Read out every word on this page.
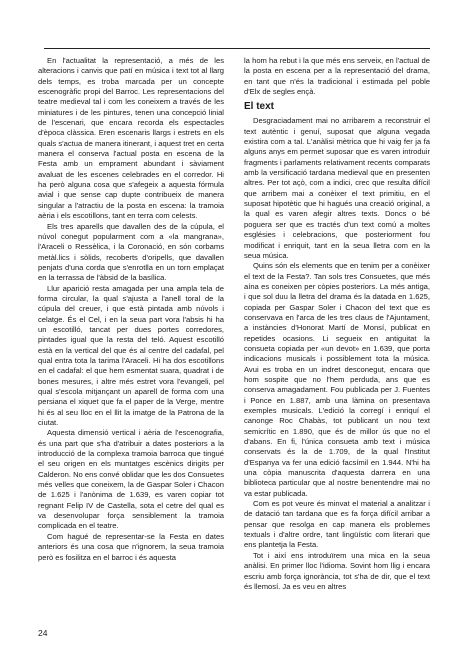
En l'actualitat la representació, a més de les alteracions i canvis que patí en música i text tot al llarg dels temps, es troba marcada per un concepte escenogràfic propi del Barroc. Les representacions del teatre medieval tal i com les coneixem a través de les miniatures i de les pintures, tenen una concepció linial de l'escenari, que encara recorda els espectacles d'època clàssica. Eren escenaris llargs i estrets en els quals s'actua de manera itinerant, i aquest tret en certa manera el conserva l'actual posta en escena de la Festa amb un emprament abundant i sàviament avaluat de les escenes celebrades en el corredor. Hi ha però alguna cosa que s'afegeix a aquesta fórmula avial i que sense cap dupte contribueix de manera singular a l'atractiu de la posta en escena: la tramoia aèria i els escotillons, tant en terra com celests.

Els tres aparells que davallen des de la cúpula, el núvol conegut popularment com a «la mangrana», l'Araceli o Ressèlica, i la Coronació, en són corbams metàl.lics i sòlids, recoberts d'oripells, que davallen penjats d'una corda que s'enrotlla en un torn emplaçat en la terrassa de l'àbsid de la basílica.

Llur aparició resta amagada per una ampla tela de forma circular, la qual s'ajusta a l'anell toral de la cúpula del creuer, i que està pintada amb núvols i celatge. És el Cel, i en la seua part vora l'absis hi ha un escotilló, tancat per dues portes corredores, pintades igual que la resta del teló. Aquest escotilló està en la vertical del que és al centre del cadafal, pel qual entra tota la tarima l'Araceli. Hi ha dos escotillons en el cadafal: el que hem esmentat suara, quadrat i de bones mesures, i altre més estret vora l'evangeli, pel qual s'escola mitjançant un aparell de forma com una persiana el xiquet que fa el paper de la Verge, mentre hi és al seu lloc en el llit la imatge de la Patrona de la ciutat.

Aquesta dimensió vertical i aèria de l'escenografia, és una part que s'ha d'atribuir a dates posteriors a la introducció de la complexa tramoia barroca que tingué el seu origen en els muntatges escènics dirigits per Calderon. No ens convé oblidar que les dos Consuetes més velles que coneixem, la de Gaspar Soler i Chacon de 1.625 i l'anònima de 1.639, es varen copiar tot regnant Felip IV de Castella, sota el cetre del qual es va desenvolupar força sensiblement la tramoia complicada en el teatre.

Com hagué de representar-se la Festa en dates anteriors és una cosa que n'ignorem, la seua tramoia però es fosilitza en el barroc i és aquesta

la hom ha rebut i la que més ens serveix, en l'actual de la posta en escena per a la representació del drama, en tant que n'és la tradicional i estimada pel poble d'Elx de segles ençà.

El text

Desgraciadament mai no arribarem a reconstruir el text autèntic i genuí, suposat que alguna vegada existira com a tal. L'anàlisi mètrica que hi vaig fer ja fa alguns anys em permet suposar que es varen introduir fragments i parlaments relativament recents comparats amb la versificació tardana medieval que en presenten altres. Per tot açò, com a indici, crec que resulta difícil que arribem mai a conèixer el text primitiu, en el suposat hipotètic que hi hagués una creació original, a la qual es varen afegir altres texts. Doncs o bé poguera ser que es tractés d'un text comú a moltes esglésies i celebracions, que posteriorment fou modificat i enriquit, tant en la seua lletra com en la seua música.

Quins són els elements que en tenim per a conèixer el text de la Festa?. Tan sols tres Consuetes, que més aína es coneixen per còpies posteriors. La més antiga, i que sol duu la lletra del drama és la datada en 1.625, copiada per Gaspar Soler i Chacon del text que es conservava en l'arca de les tres claus de l'Ajuntament, a instàncies d'Honorat Martí de Monsí, publicat en repetides ocasions. Li segueix en antiguitat la consueta copiada per «un devot» en 1.639, que porta indicacions musicals i possiblement tota la música. Avui es troba en un indret desconegut, encara que hom sospite que no l'hem perduda, ans que es conserva amagadament. Fou publicada per J. Fuentes i Ponce en 1.887, amb una làmina on presentava exemples musicals. L'edició la corregí i enriquí el canonge Roc Chabàs, tot publicant un nou text semicrític en 1.890, que és de millor ús que no el d'abans. En fi, l'única consueta amb text i música conservats és la de 1.709, de la qual l'Institut d'Espanya va fer una edició facsímil en 1.944. N'hi ha una còpia manuscrita d'aquesta darrera en una biblioteca particular que al nostre benentendre mai no va estar publicada.

Com es pot veure és minvat el material a analitzar i de datació tan tardana que es fa força difícil arribar a pensar que resolga en cap manera els problemes textuals i d'altre ordre, tant lingüístic com literari que ens plantetja la Festa.

Tot i així ens introduïrem una mica en la seua anàlisi. En primer lloc l'idioma. Sovint hom llig i encara escriu amb força ignorància, tot s'ha de dir, que el text és llemosí. Ja es veu en altres

24
